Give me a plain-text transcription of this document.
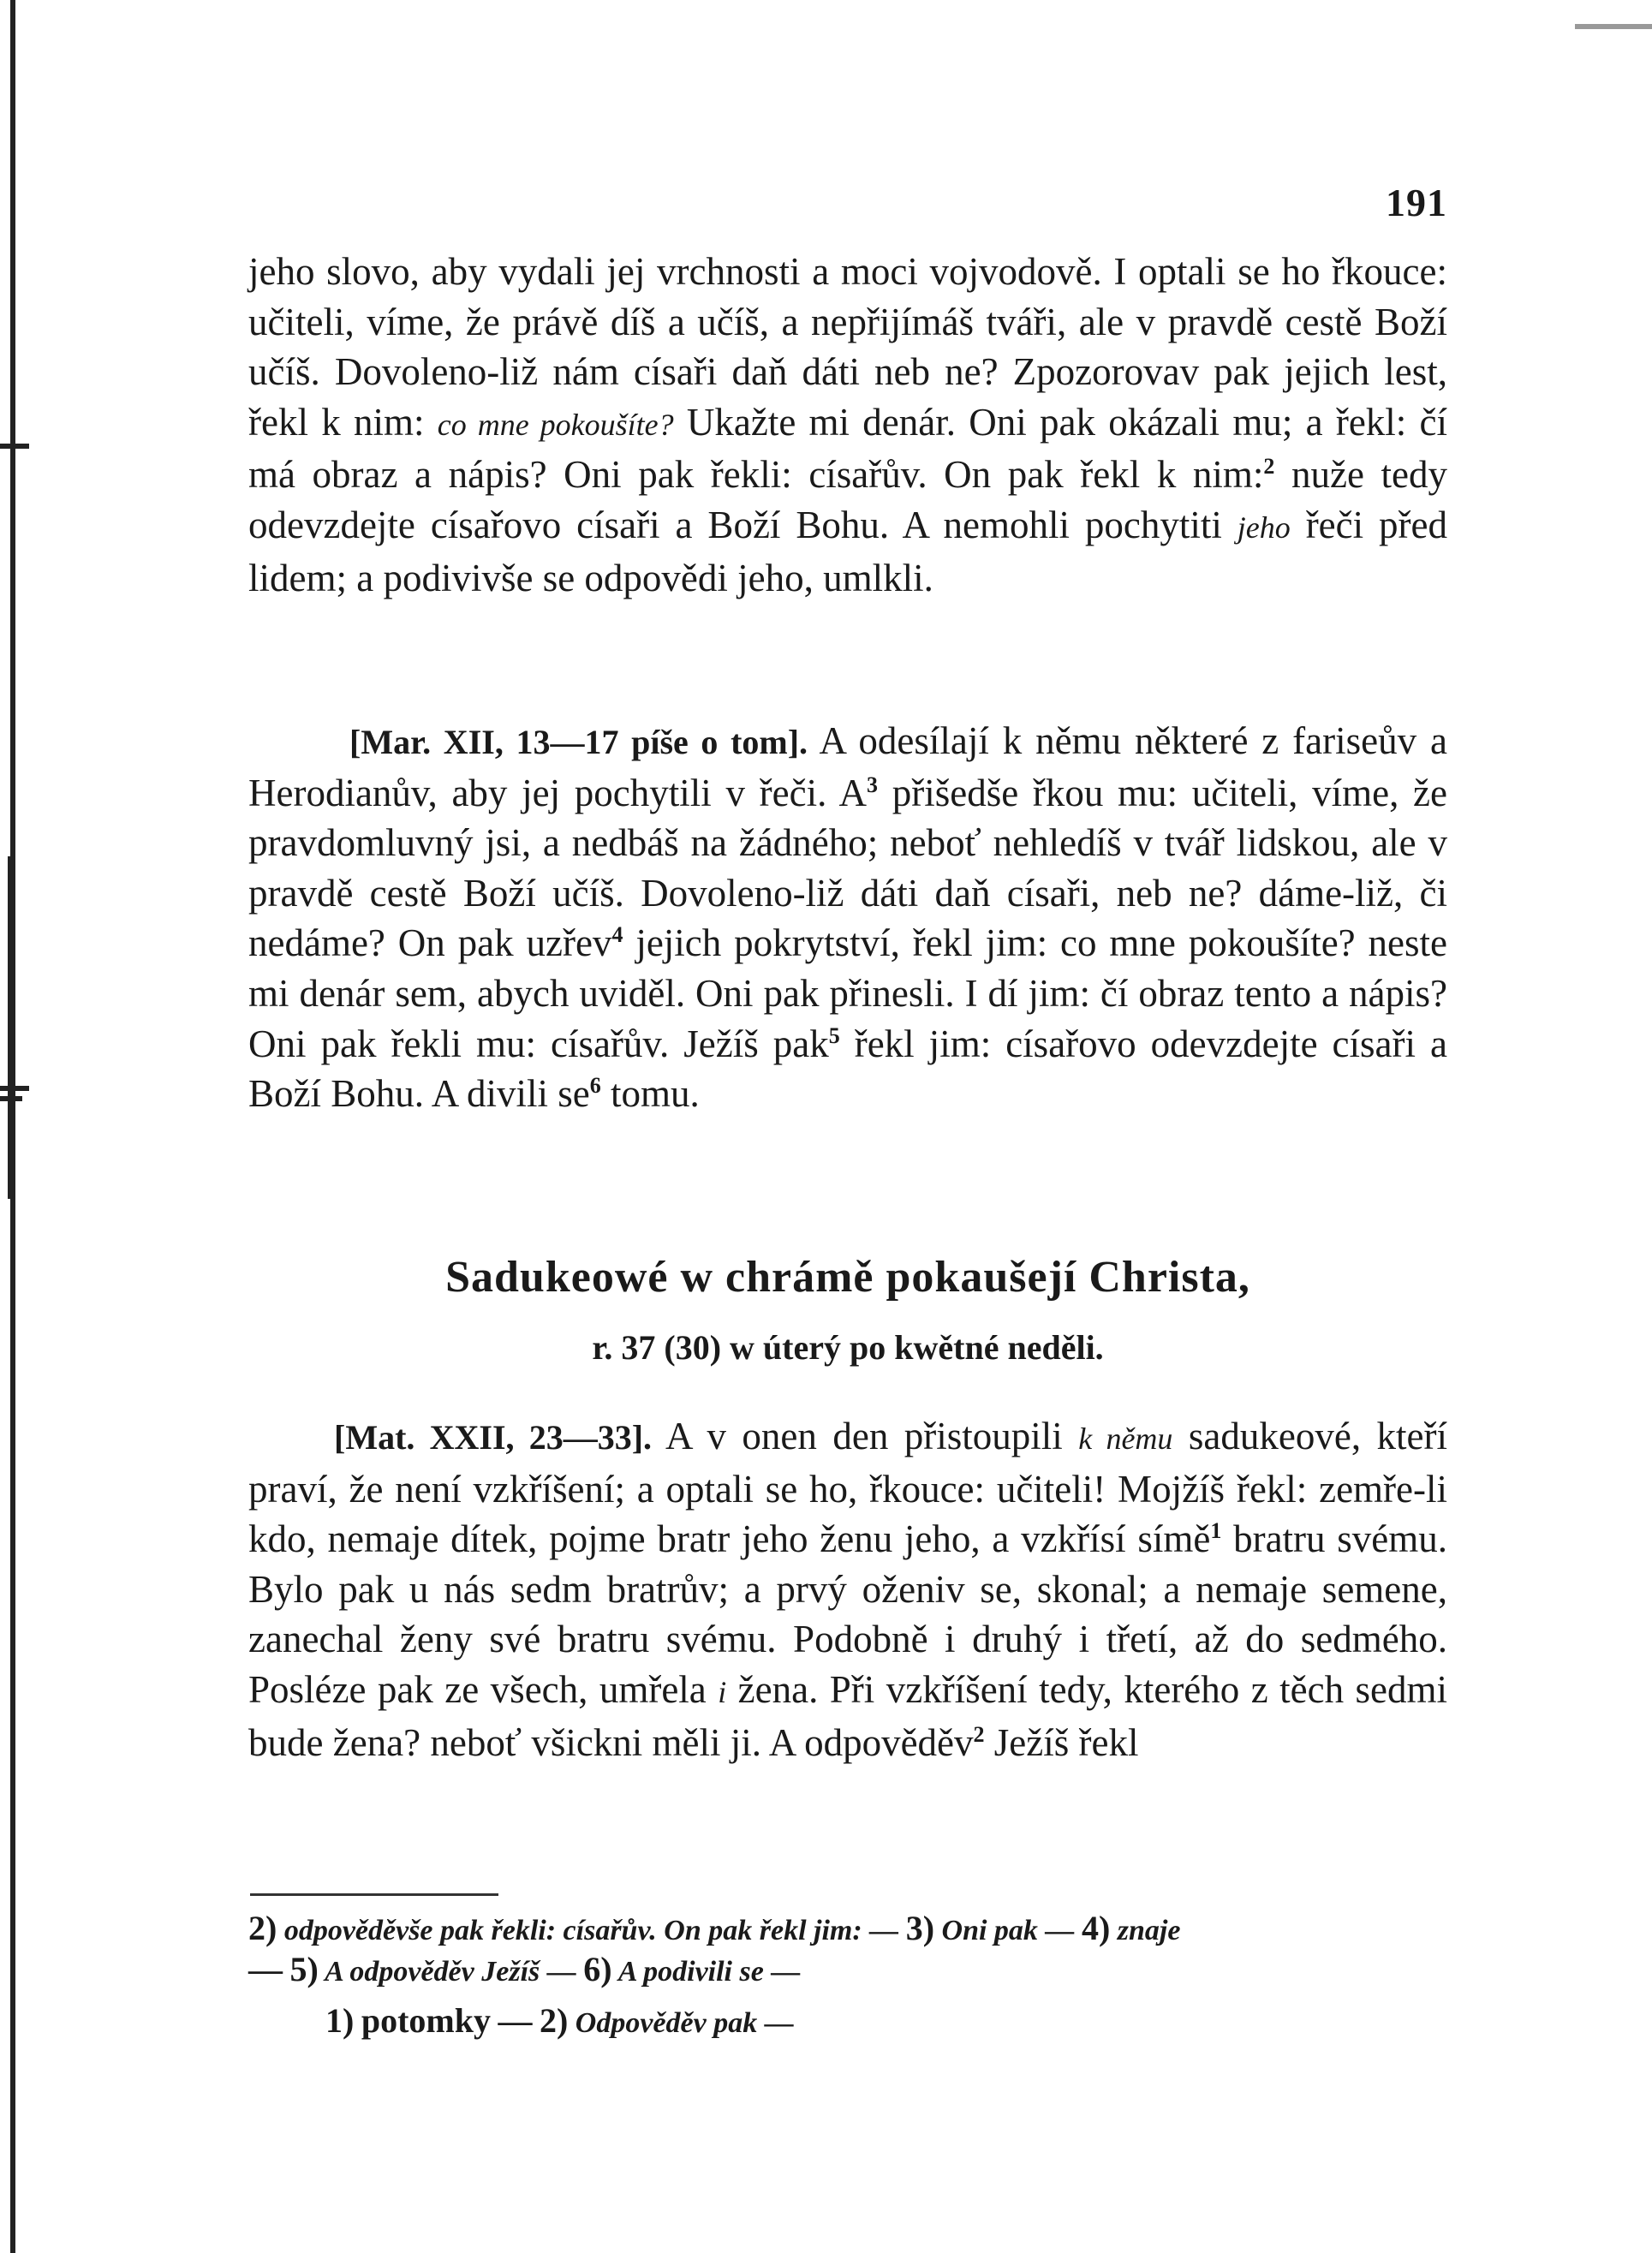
191

jeho slovo, aby vydali jej vrchnosti a moci vojvodově. I optali se ho řkouce: učiteli, víme, že právě díš a učíš, a nepřijímáš tváři, ale v pravdě cestě Boží učíš. Dovoleno-liž nám císaři daň dáti neb ne? Zpozorovav pak jejich lest, řekl k nim: co mne pokoušíte? Ukažte mi denár. Oni pak okázali mu; a řekl: čí má obraz a nápis? Oni pak řekli: císařův. On pak řekl k nim:$^2$ nuže tedy odevzdejte císařovo císaři a Boží Bohu. A nemohli pochytiti jeho řeči před lidem; a podivivše se odpovědi jeho, umlkli.

[Mar. XII, 13—17 píše o tom]. A odesílají k němu některé z fariseův a Herodianův, aby jej pochytili v řeči. $A^3$ přišedše řkou mu: učiteli, víme, že pravdomluvný jsi, a nedbáš na žádného; neboť nehledíš v tvář lidskou, ale v pravdě cestě Boží učíš. Dovoleno-liž dáti daň císaři, neb ne? dáme-liž, či nedáme? On pak uzřev$^4$ jejich pokrytství, řekl jim: co mne pokoušíte? neste mi denár sem, abych uviděl. Oni pak přinesli. I dí jim: čí obraz tento a nápis? Oni pak řekli mu: císařův. Ježíš pak$^5$ řekl jim: císařovo odevzdejte císaři a Boží Bohu. A divili $se^6$ tomu.

Sadukeowé w chrámě pokaušejí Christa,
r. 37 (30) w úterý po kwětné neděli.

[Mat. XXII, 23—33]. A v onen den přistoupili k němu sadukeové, kteří praví, že není vzkříšení; a optali se ho, řkouce: učiteli! Mojžíš řekl: zemře-li kdo, nemaje dítek, pojme bratr jeho ženu jeho, a vzkřísí símě$^1$ bratru svému. Bylo pak u nás sedm bratrův; a prvý oženiv se, skonal; a nemaje semene, zanechal ženy své bratru svému. Podobně i druhý i třetí, až do sedmého. Posléze pak ze všech, umřela i žena. Při vzkříšení tedy, kterého z těch sedmi bude žena? neboť všickni měli ji. A odpověděv$^2$ Ježíš řekl

2) odpověděvše pak řekli: císařův. On pak řekl jim: — 3) Oni pak — 4) znaje
— 5) A odpověděv Ježíš — 6) A podivili se —
1) potomky — 2) Odpověděv pak —
